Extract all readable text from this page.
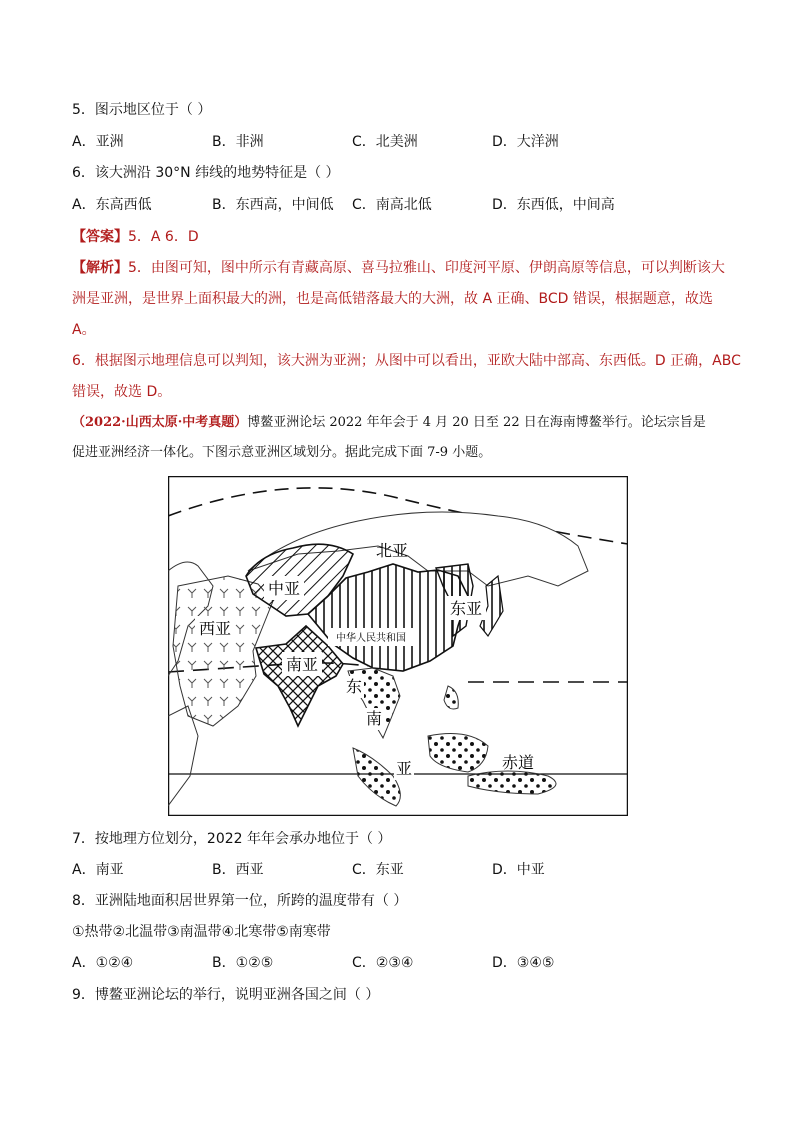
5．图示地区位于（ ）
A．亚洲	B．非洲	C．北美洲	D．大洋洲
6．该大洲沿 30°N 纬线的地势特征是（ ）
A．东高西低	B．东西高，中间低 C．南高北低	D．东西低，中间高
【答案】5．A 6．D
【解析】5．由图可知，图中所示有青藏高原、喜马拉雅山、印度河平原、伊朗高原等信息，可以判断该大
洲是亚洲，是世界上面积最大的洲，也是高低错落最大的大洲，故 A 正确、BCD 错误，根据题意，故选
A。
6．根据图示地理信息可以判知，该大洲为亚洲；从图中可以看出，亚欧大陆中部高、东西低。D 正确，ABC
错误，故选 D。
（2022·山西太原·中考真题）博鳌亚洲论坛 2022 年年会于 4 月 20 日至 22 日在海南博鳌举行。论坛宗旨是
促进亚洲经济一体化。下图示意亚洲区域划分。据此完成下面 7-9 小题。
中亚
北亚
西亚
东亚
中华人民共和国
南亚
东
南
亚	赤道
7．按地理方位划分，2022 年年会承办地位于（ ）
A．南亚	B．西亚	C．东亚	D．中亚
8．亚洲陆地面积居世界第一位，所跨的温度带有（ ）
①热带②北温带③南温带④北寒带⑤南寒带
A．①②④	B．①②⑤	C．②③④	D．③④⑤
9．博鳌亚洲论坛的举行，说明亚洲各国之间（ ）
